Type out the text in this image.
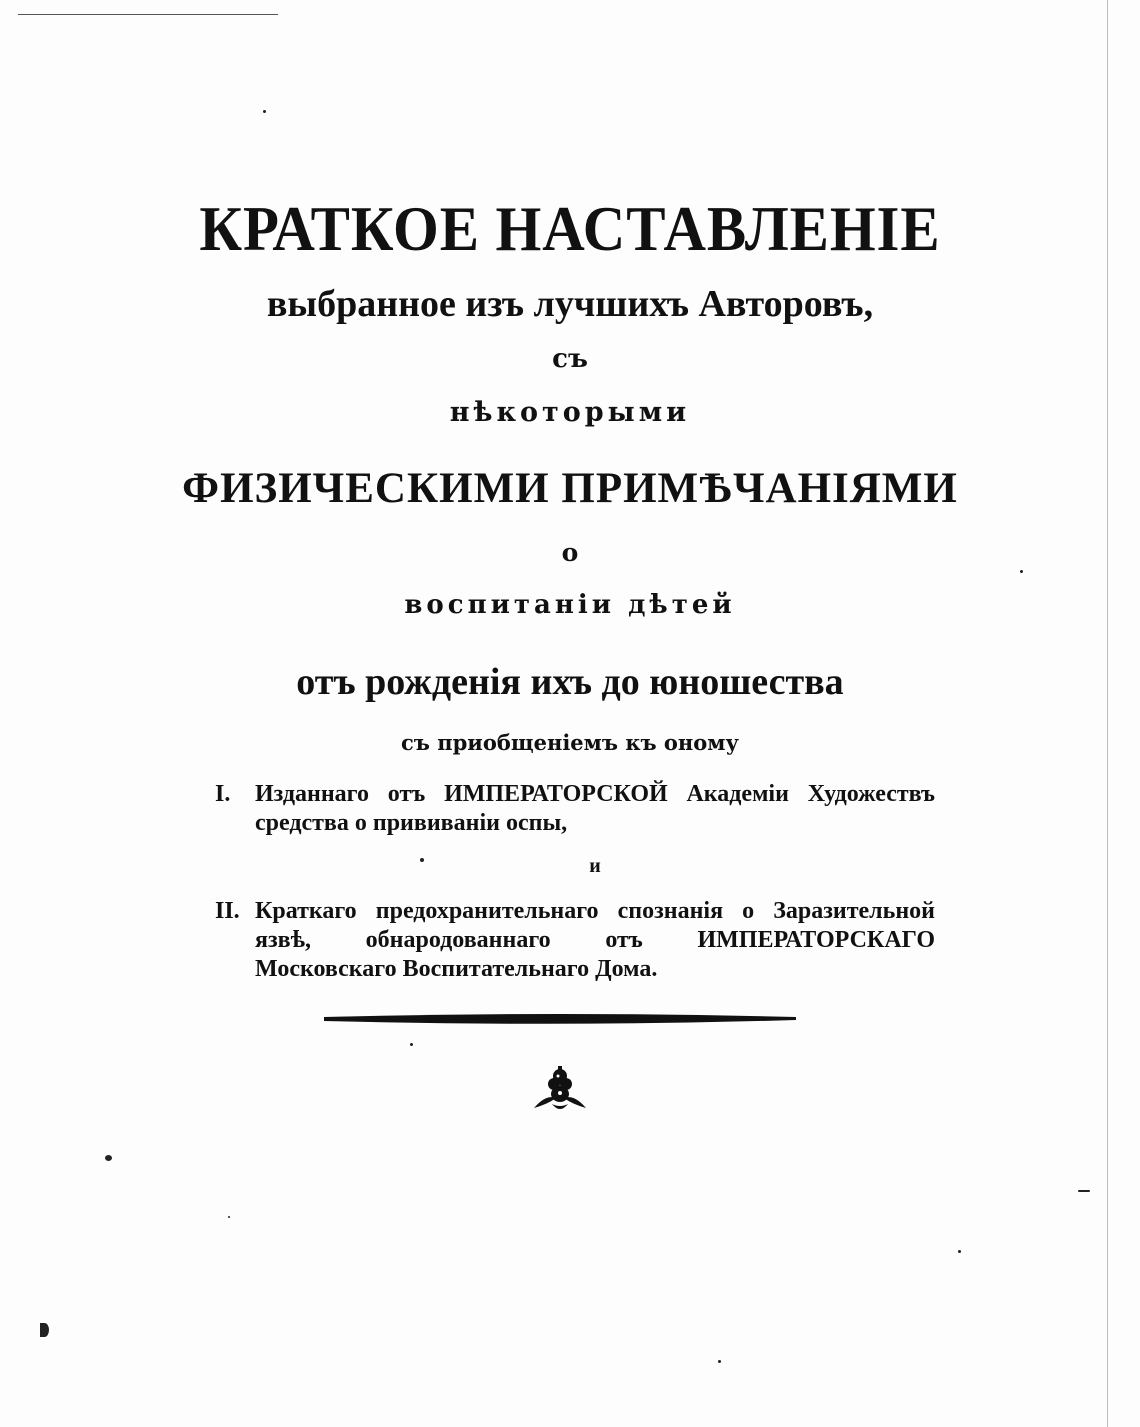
КРАТКОЕ НАСТАВЛЕНІЕ
выбранное изъ лучшихъ Авторовъ,
съ
нѣкоторыми
ФИЗИЧЕСКИМИ ПРИМѢЧАНІЯМИ
о
воспитаніи дѣтей
отъ рожденія ихъ до юношества
съ приобщеніемъ къ оному
I.	Изданнаго отъ ИМПЕРАТОРСКОЙ Академіи Художествъ средства о прививаніи оспы,
и
II. Краткаго предохранительнаго спознанія о Заразительной язвѣ, обнародованнаго отъ ИМПЕРАТОРСКАГО Московскаго Воспитательнаго Дома.
